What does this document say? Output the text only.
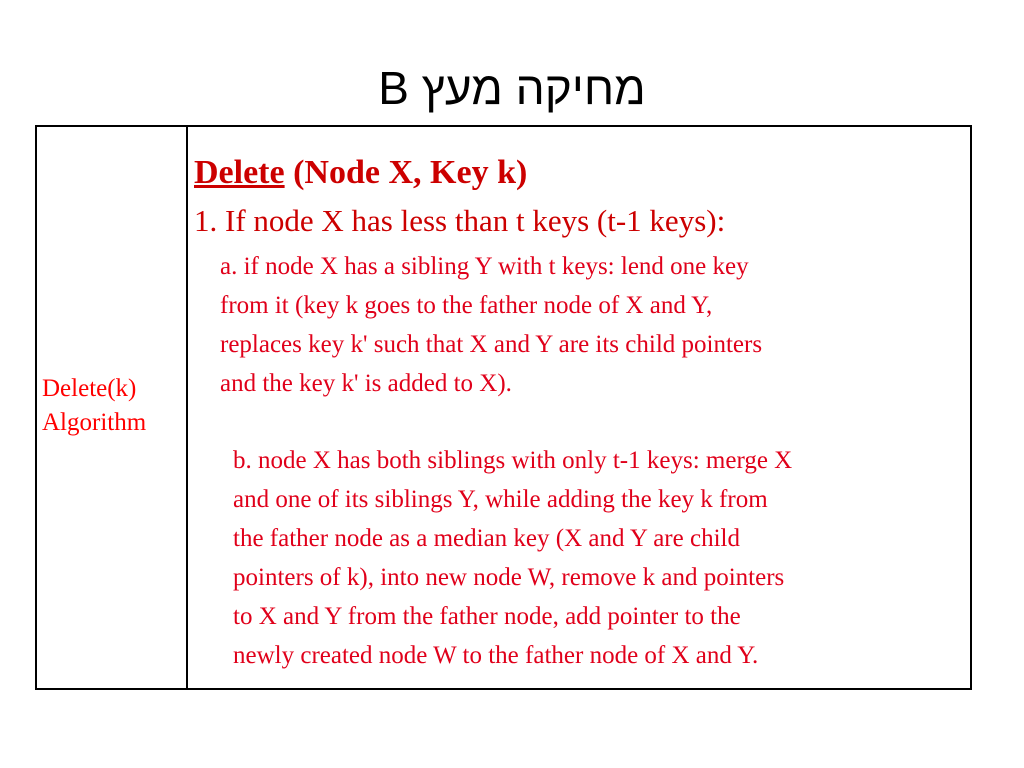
מחיקה מעץ B
Delete(k)
Algorithm
Delete (Node X, Key k)
1. If node X has less than t keys (t-1 keys):
a. if node X has a sibling Y with t keys: lend one key
from it (key k goes to the father node of X and Y,
replaces key k' such that X and Y are its child pointers
and the key k' is added to X).
b. node X has both siblings with only t-1 keys: merge X
and one of its siblings Y, while adding the key k from
the father node as a median key (X and Y are child
pointers of k), into new node W, remove k and pointers
to X and Y from the father node, add pointer to the
newly created node W to the father node of X and Y.
